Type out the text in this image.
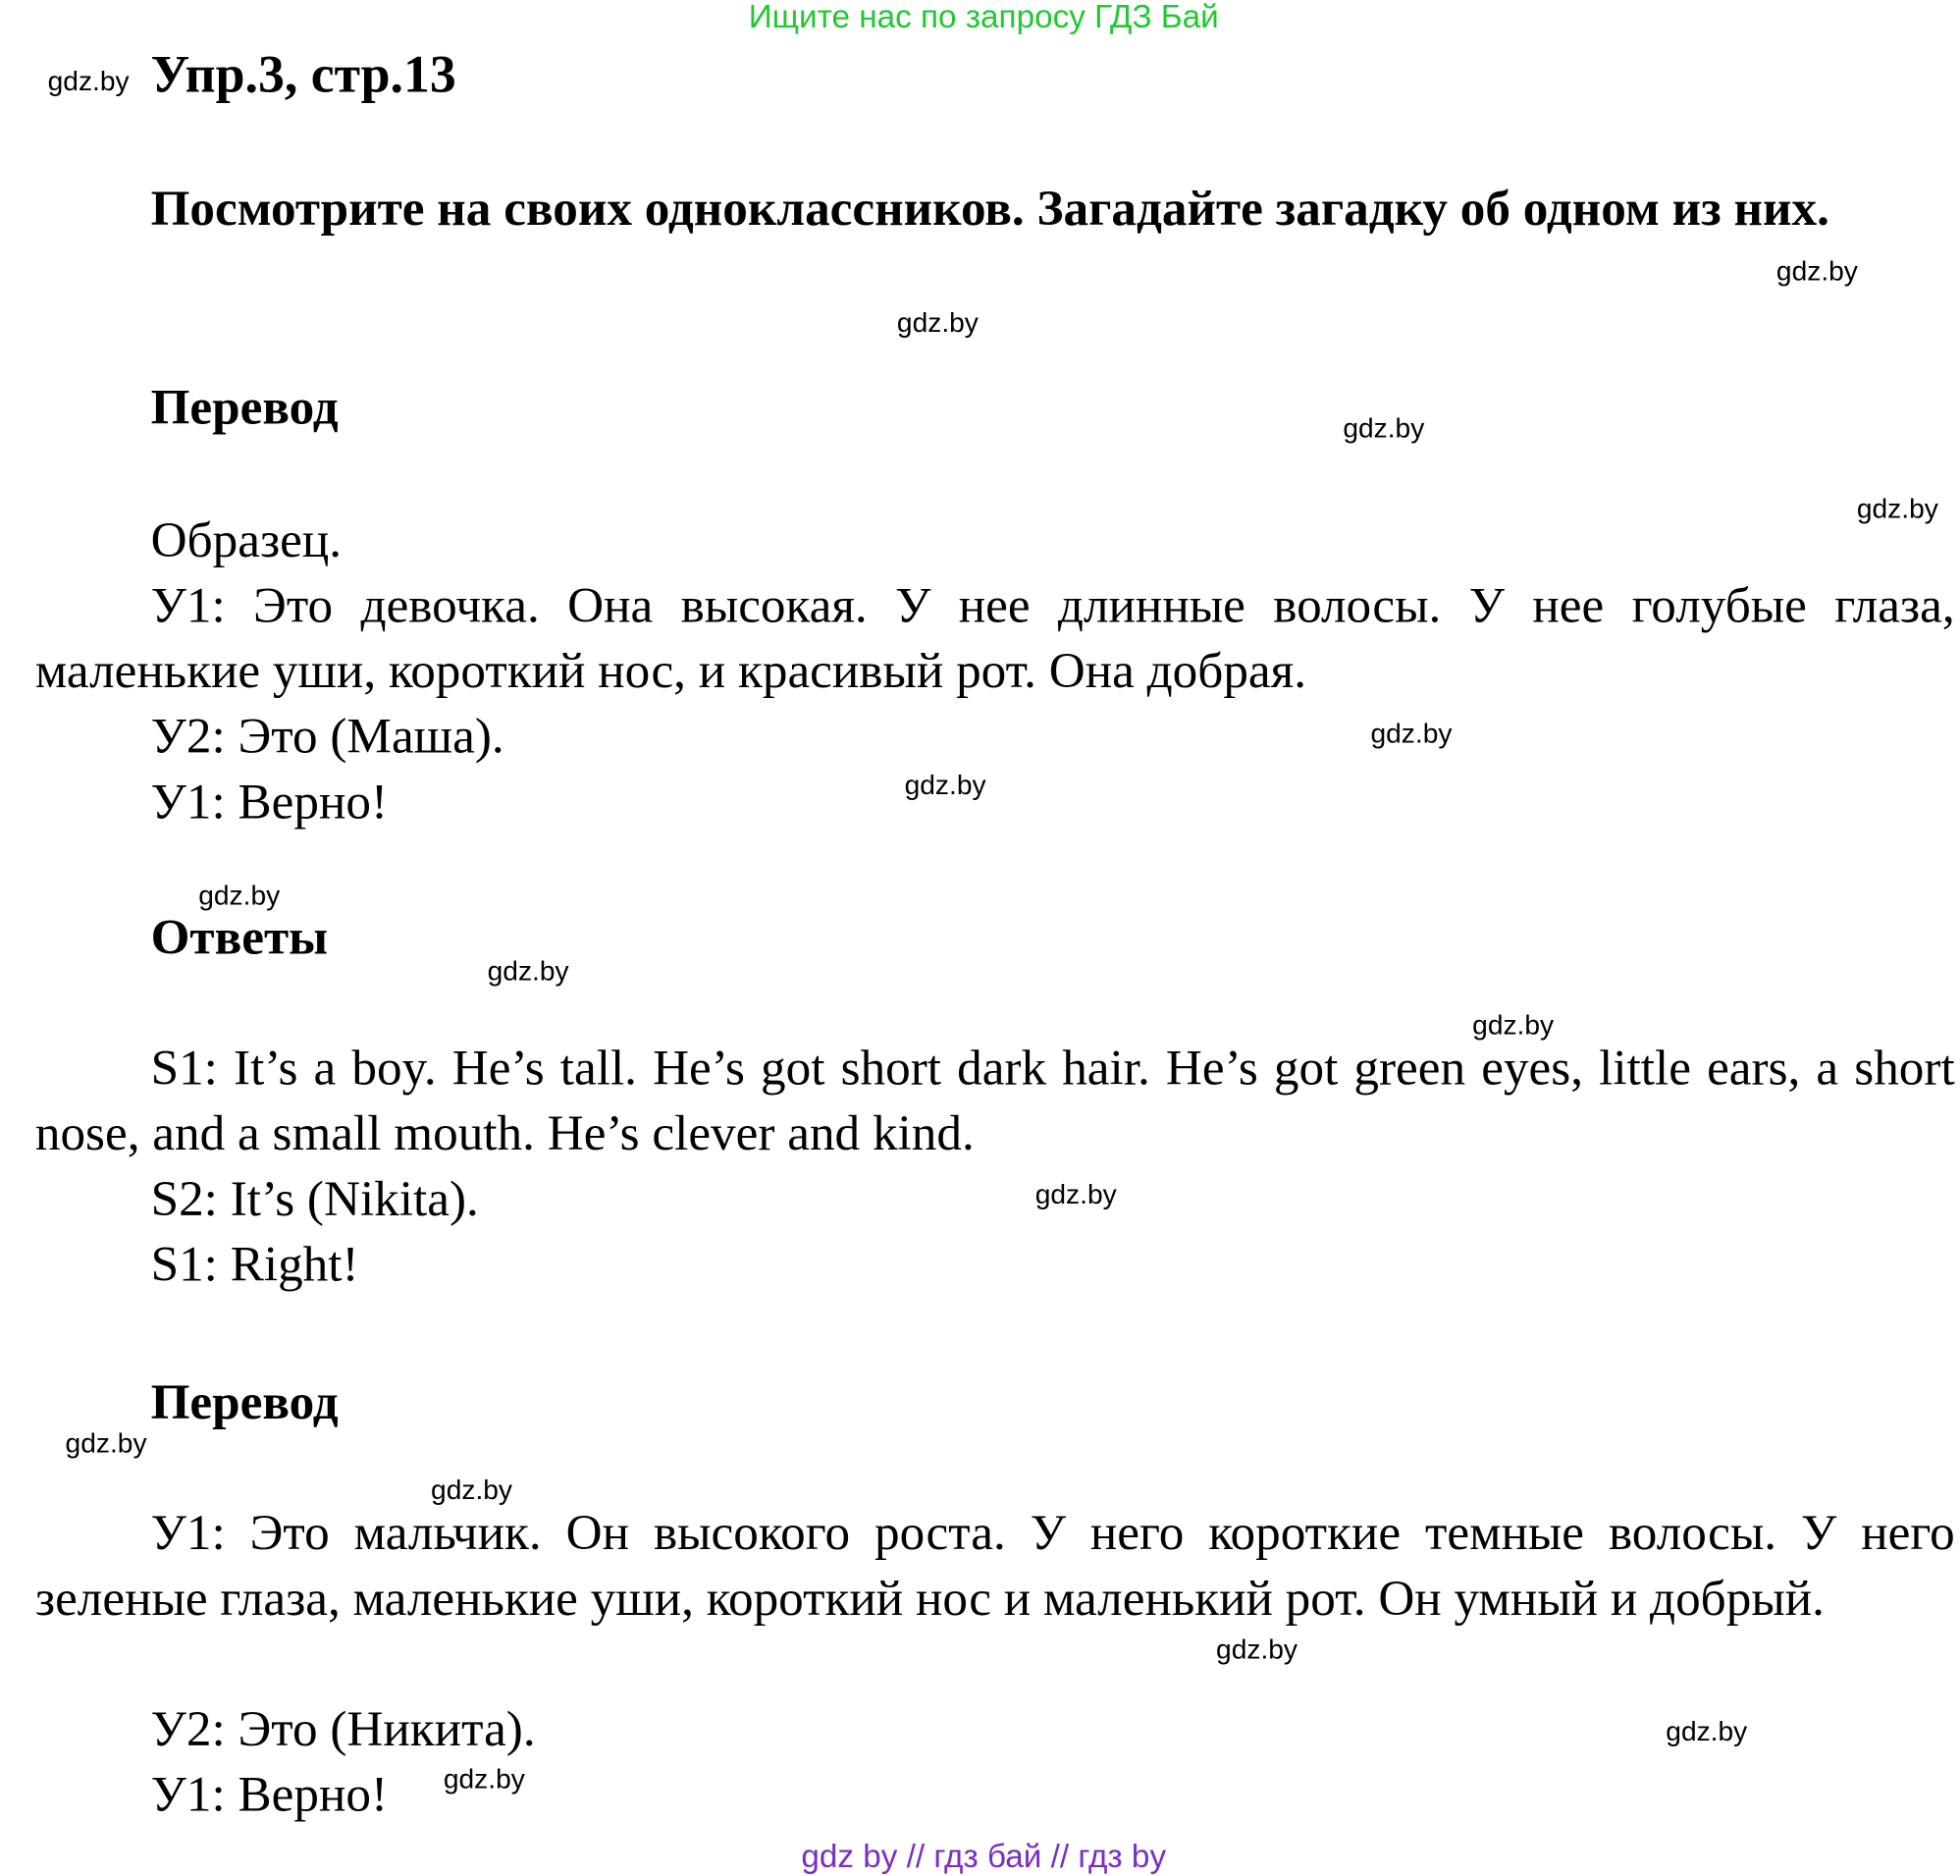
Ищите нас по запросу ГДЗ Бай
gdz.by Упр.3, стр.13
Посмотрите на своих одноклассников. Загадайте загадку об одном из них.
gdz.by
gdz.by
Перевод	gdz.by
gdz.by
Образец.
У1: Это девочка. Она высокая. У нее длинные волосы. У нее голубые глаза, маленькие уши, короткий нос, и красивый рот. Она добрая.
У2: Это (Маша).	gdz.by
gdz.by
У1: Верно!
gdz.by
Ответы
gdz.by
gdz.by
S1: It’s a boy. He’s tall. He’s got short dark hair. He’s got green eyes, little ears, a short nose, and a small mouth. He’s clever and kind.
S2: It’s (Nikita).	gdz.by
S1: Right!
Перевод
gdz.by
gdz.by
У1: Это мальчик. Он высокого роста. У него короткие темные волосы. У него зеленые глаза, маленькие уши, короткий нос и маленький рот. Он умный и добрый.
gdz.by
У2: Это (Никита).	gdz.by
У1: Верно!	gdz.by
gdz by // гдз бай // гдз by
